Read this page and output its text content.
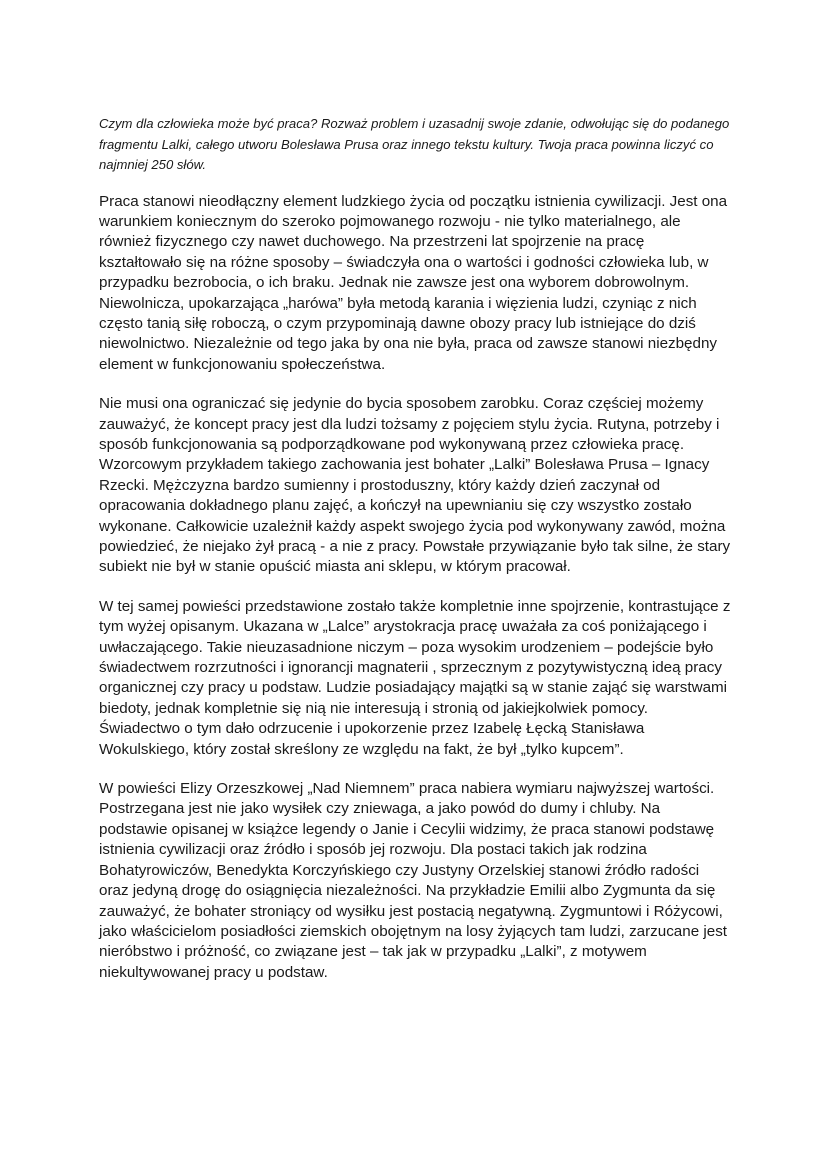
Czym dla człowieka może być praca? Rozważ problem i uzasadnij swoje zdanie, odwołując się do podanego fragmentu Lalki, całego utworu Bolesława Prusa oraz innego tekstu kultury. Twoja praca powinna liczyć co najmniej 250 słów.

Praca stanowi nieodłączny element ludzkiego życia od początku istnienia cywilizacji. Jest ona warunkiem koniecznym do szeroko pojmowanego rozwoju - nie tylko materialnego, ale również fizycznego czy nawet duchowego. Na przestrzeni lat spojrzenie na pracę kształtowało się na różne sposoby – świadczyła ona o wartości i godności człowieka lub, w przypadku bezrobocia, o ich braku. Jednak nie zawsze jest ona wyborem dobrowolnym. Niewolnicza, upokarzająca „harówa” była metodą karania i więzienia ludzi, czyniąc z nich często tanią siłę roboczą, o czym przypominają dawne obozy pracy lub istniejące do dziś niewolnictwo. Niezależnie od tego jaka by ona nie była, praca od zawsze stanowi niezbędny element w funkcjonowaniu społeczeństwa.

Nie musi ona ograniczać się jedynie do bycia sposobem zarobku. Coraz częściej możemy zauważyć, że koncept pracy jest dla ludzi tożsamy z pojęciem stylu życia. Rutyna, potrzeby i sposób funkcjonowania są podporządkowane pod wykonywaną przez człowieka pracę. Wzorcowym przykładem takiego zachowania jest bohater „Lalki” Bolesława Prusa – Ignacy Rzecki. Mężczyzna bardzo sumienny i prostoduszny, który każdy dzień zaczynał od opracowania dokładnego planu zajęć, a kończył na upewnianiu się czy wszystko zostało wykonane. Całkowicie uzależnił każdy aspekt swojego życia pod wykonywany zawód, można powiedzieć, że niejako żył pracą - a nie z pracy. Powstałe przywiązanie było tak silne, że stary subiekt nie był w stanie opuścić miasta ani sklepu, w którym pracował.

W tej samej powieści przedstawione zostało także kompletnie inne spojrzenie, kontrastujące z tym wyżej opisanym. Ukazana w „Lalce” arystokracja pracę uważała za coś poniżającego i uwłaczającego. Takie nieuzasadnione niczym – poza wysokim urodzeniem – podejście było świadectwem rozrzutności i ignorancji magnaterii , sprzecznym z pozytywistyczną ideą pracy organicznej czy pracy u podstaw. Ludzie posiadający majątki są w stanie zająć się warstwami biedoty, jednak kompletnie się nią nie interesują i stronią od jakiejkolwiek pomocy. Świadectwo o tym dało odrzucenie i upokorzenie przez Izabelę Łęcką Stanisława Wokulskiego, który został skreślony ze względu na fakt, że był „tylko kupcem”.

W powieści Elizy Orzeszkowej „Nad Niemnem” praca nabiera wymiaru najwyższej wartości. Postrzegana jest nie jako wysiłek czy zniewaga, a jako powód do dumy i chluby. Na podstawie opisanej w książce legendy o Janie i Cecylii widzimy, że praca stanowi podstawę istnienia cywilizacji oraz źródło i sposób jej rozwoju. Dla postaci takich jak rodzina Bohatyrowiczów, Benedykta Korczyńskiego czy Justyny Orzelskiej stanowi źródło radości oraz jedyną drogę do osiągnięcia niezależności. Na przykładzie Emilii albo Zygmunta da się zauważyć, że bohater stroniący od wysiłku jest postacią negatywną. Zygmuntowi i Różycowi, jako właścicielom posiadłości ziemskich obojętnym na losy żyjących tam ludzi, zarzucane jest nieróbstwo i próżność, co związane jest – tak jak w przypadku „Lalki”, z motywem niekultywowanej pracy u podstaw.
